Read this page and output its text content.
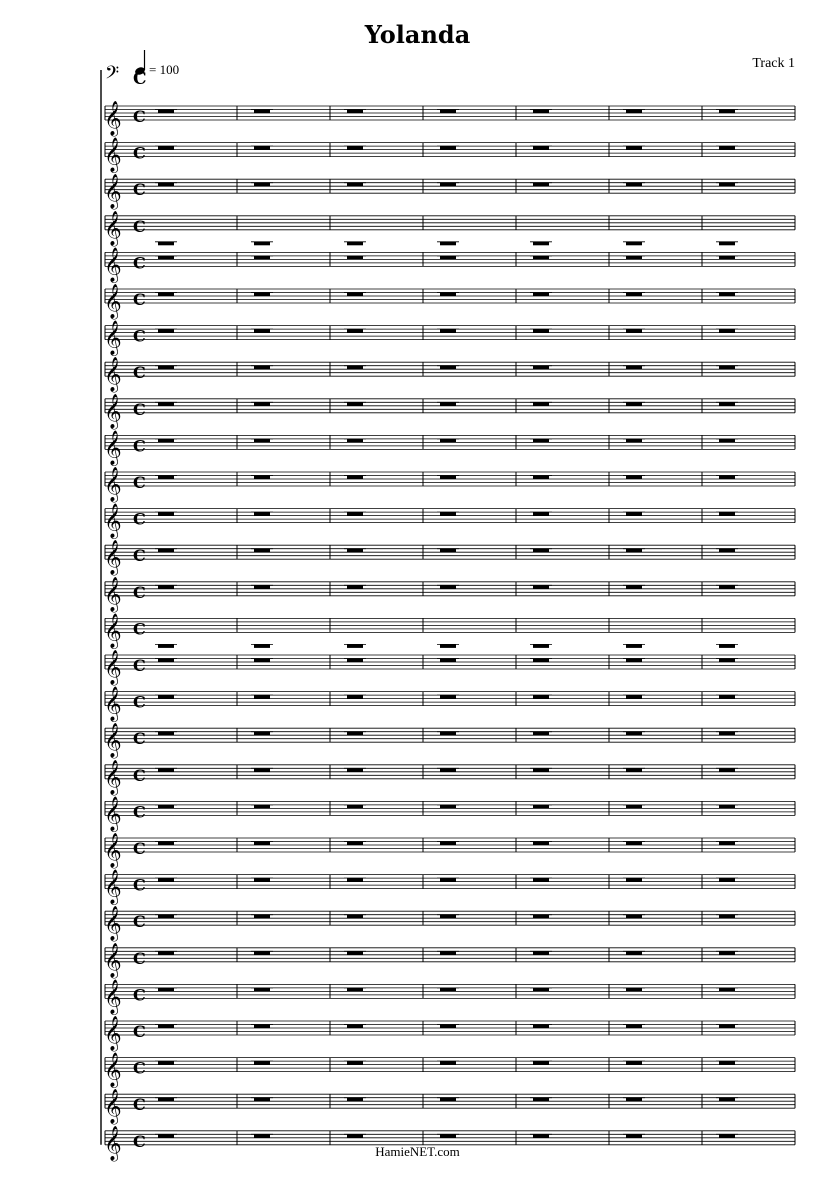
Yolanda
Track 1
= 100
𝄢 C
𝄞 C
𝄞 C
𝄞 C
𝄞 C
𝄞 C
𝄞 C
𝄞 C
𝄞 C
𝄞 C
𝄞 C
𝄞 C
𝄞 C
𝄞 C
𝄞 C
𝄞 C
𝄞 C
𝄞 C
𝄞 C
𝄞 C
𝄞 C
𝄞 C
𝄞 C
𝄞 C
𝄞 C
𝄞 C
𝄞 C
𝄞 C
𝄞 C
𝄞 C
HamieNET.com
